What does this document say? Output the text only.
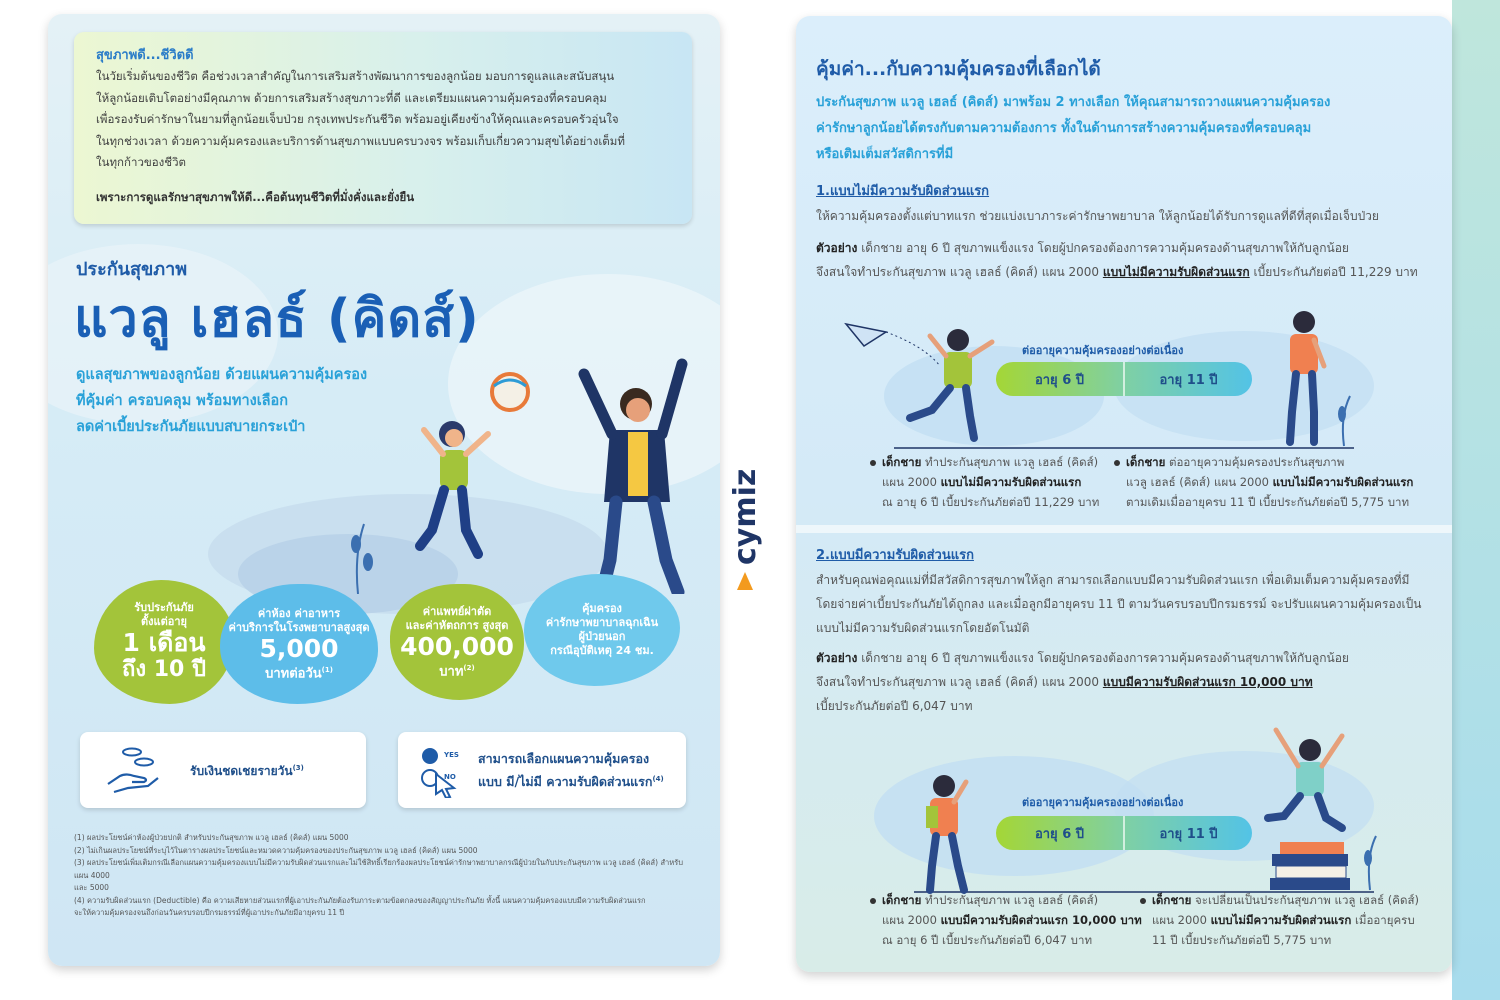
สุขภาพดี...ชีวิตดี
ในวัยเริ่มต้นของชีวิต คือช่วงเวลาสำคัญในการเสริมสร้างพัฒนาการของลูกน้อย มอบการดูแลและสนับสนุน
ให้ลูกน้อยเติบโตอย่างมีคุณภาพ ด้วยการเสริมสร้างสุขภาวะที่ดี และเตรียมแผนความคุ้มครองที่ครอบคลุม
เพื่อรองรับค่ารักษาในยามที่ลูกน้อยเจ็บป่วย กรุงเทพประกันชีวิต พร้อมอยู่เคียงข้างให้คุณและครอบครัวอุ่นใจ
ในทุกช่วงเวลา ด้วยความคุ้มครองและบริการด้านสุขภาพแบบครบวงจร พร้อมเก็บเกี่ยวความสุขได้อย่างเต็มที่
ในทุกก้าวของชีวิต
เพราะการดูแลรักษาสุขภาพให้ดี...คือต้นทุนชีวิตที่มั่งคั่งและยั่งยืน
ประกันสุขภาพ
แวลู เฮลธ์ (คิดส์)
ดูแลสุขภาพของลูกน้อย ด้วยแผนความคุ้มครอง
ที่คุ้มค่า ครอบคลุม พร้อมทางเลือก
ลดค่าเบี้ยประกันภัยแบบสบายกระเป๋า
รับประกันภัย
ตั้งแต่อายุ
1 เดือน
ถึง 10 ปี
ค่าห้อง ค่าอาหาร
ค่าบริการในโรงพยาบาลสูงสุด
5,000
บาทต่อวัน$^{(1)}$
ค่าแพทย์ผ่าตัด
และค่าหัตถการ สูงสุด
400,000
บาท$^{(2)}$
คุ้มครอง
ค่ารักษาพยาบาลฉุกเฉิน
ผู้ป่วยนอก
กรณีอุบัติเหตุ 24 ชม.
รับเงินชดเชยรายวัน$^{(3)}$
YES
NO
สามารถเลือกแผนความคุ้มครอง
แบบ มี/ไม่มี ความรับผิดส่วนแรก$^{(4)}$
(1) ผลประโยชน์ค่าห้องผู้ป่วยปกติ สำหรับประกันสุขภาพ แวลู เฮลธ์ (คิดส์) แผน 5000
(2) ไม่เกินผลประโยชน์ที่ระบุไว้ในตารางผลประโยชน์และหมวดความคุ้มครองของประกันสุขภาพ แวลู เฮลธ์ (คิดส์) แผน 5000
(3) ผลประโยชน์เพิ่มเติมกรณีเลือกแผนความคุ้มครองแบบไม่มีความรับผิดส่วนแรกและไม่ใช้สิทธิ์เรียกร้องผลประโยชน์ค่ารักษาพยาบาลกรณีผู้ป่วยในกับประกันสุขภาพ แวลู เฮลธ์ (คิดส์) สำหรับแผน 4000
และ 5000
(4) ความรับผิดส่วนแรก (Deductible) คือ ความเสียหายส่วนแรกที่ผู้เอาประกันภัยต้องรับภาระตามข้อตกลงของสัญญาประกันภัย ทั้งนี้ แผนความคุ้มครองแบบมีความรับผิดส่วนแรก
จะให้ความคุ้มครองจนถึงก่อนวันครบรอบปีกรมธรรม์ที่ผู้เอาประกันภัยมีอายุครบ 11 ปี
cymiz
คุ้มค่า...กับความคุ้มครองที่เลือกได้
ประกันสุขภาพ แวลู เฮลธ์ (คิดส์) มาพร้อม 2 ทางเลือก ให้คุณสามารถวางแผนความคุ้มครอง
ค่ารักษาลูกน้อยได้ตรงกับตามความต้องการ ทั้งในด้านการสร้างความคุ้มครองที่ครอบคลุม
หรือเติมเต็มสวัสดิการที่มี
1.แบบไม่มีความรับผิดส่วนแรก
ให้ความคุ้มครองตั้งแต่บาทแรก ช่วยแบ่งเบาภาระค่ารักษาพยาบาล ให้ลูกน้อยได้รับการดูแลที่ดีที่สุดเมื่อเจ็บป่วย
ตัวอย่าง เด็กชาย อายุ 6 ปี สุขภาพแข็งแรง โดยผู้ปกครองต้องการความคุ้มครองด้านสุขภาพให้กับลูกน้อย
จึงสนใจทำประกันสุขภาพ แวลู เฮลธ์ (คิดส์) แผน 2000 แบบไม่มีความรับผิดส่วนแรก เบี้ยประกันภัยต่อปี 11,229 บาท
ต่ออายุความคุ้มครองอย่างต่อเนื่อง
อายุ 6 ปี	อายุ 11 ปี
เด็กชาย ทำประกันสุขภาพ แวลู เฮลธ์ (คิดส์)
แผน 2000 แบบไม่มีความรับผิดส่วนแรก
ณ อายุ 6 ปี เบี้ยประกันภัยต่อปี 11,229 บาท
เด็กชาย ต่ออายุความคุ้มครองประกันสุขภาพ
แวลู เฮลธ์ (คิดส์) แผน 2000 แบบไม่มีความรับผิดส่วนแรก
ตามเดิมเมื่ออายุครบ 11 ปี เบี้ยประกันภัยต่อปี 5,775 บาท
2.แบบมีความรับผิดส่วนแรก
สำหรับคุณพ่อคุณแม่ที่มีสวัสดิการสุขภาพให้ลูก สามารถเลือกแบบมีความรับผิดส่วนแรก เพื่อเติมเต็มความคุ้มครองที่มี
โดยจ่ายค่าเบี้ยประกันภัยได้ถูกลง และเมื่อลูกมีอายุครบ 11 ปี ตามวันครบรอบปีกรมธรรม์ จะปรับแผนความคุ้มครองเป็น
แบบไม่มีความรับผิดส่วนแรกโดยอัตโนมัติ
ตัวอย่าง เด็กชาย อายุ 6 ปี สุขภาพแข็งแรง โดยผู้ปกครองต้องการความคุ้มครองด้านสุขภาพให้กับลูกน้อย
จึงสนใจทำประกันสุขภาพ แวลู เฮลธ์ (คิดส์) แผน 2000 แบบมีความรับผิดส่วนแรก 10,000 บาท
เบี้ยประกันภัยต่อปี 6,047 บาท
ต่ออายุความคุ้มครองอย่างต่อเนื่อง
อายุ 6 ปี	อายุ 11 ปี
เด็กชาย ทำประกันสุขภาพ แวลู เฮลธ์ (คิดส์)
แผน 2000 แบบมีความรับผิดส่วนแรก 10,000 บาท
ณ อายุ 6 ปี เบี้ยประกันภัยต่อปี 6,047 บาท
เด็กชาย จะเปลี่ยนเป็นประกันสุขภาพ แวลู เฮลธ์ (คิดส์)
แผน 2000 แบบไม่มีความรับผิดส่วนแรก เมื่ออายุครบ
11 ปี เบี้ยประกันภัยต่อปี 5,775 บาท
